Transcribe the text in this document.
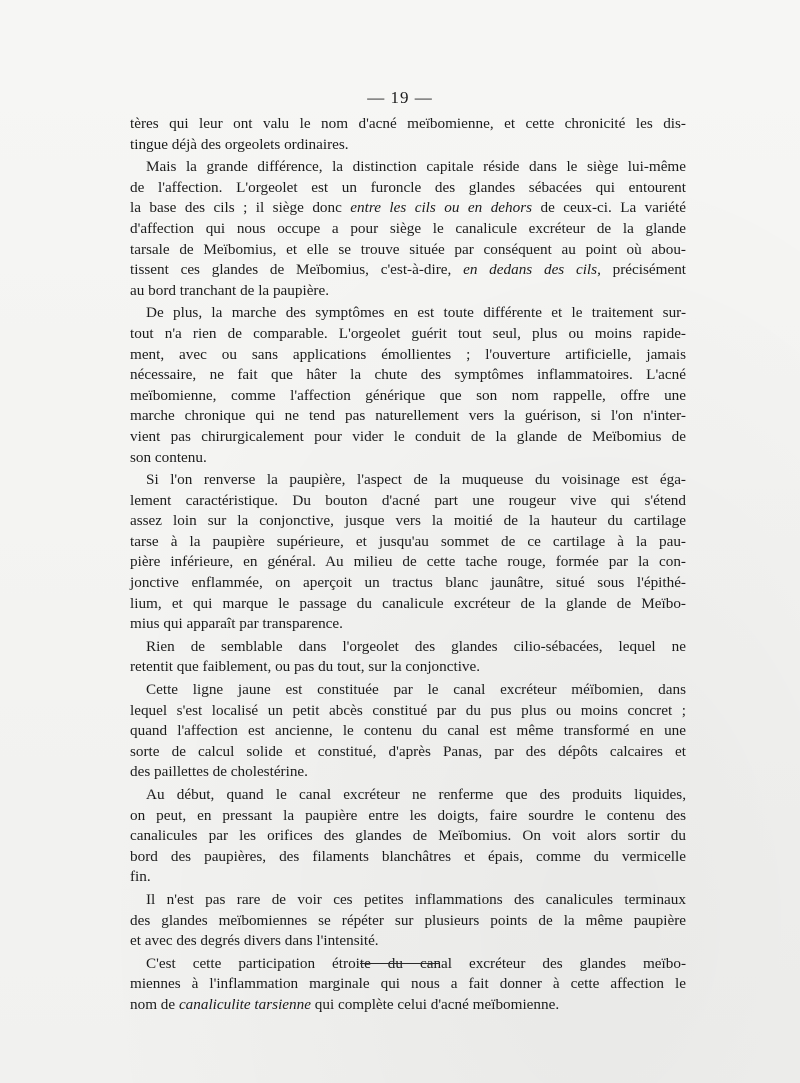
— 19 —
tères qui leur ont valu le nom d'acné meïbomienne, et cette chronicité les dis-
tingue déjà des orgeolets ordinaires.
Mais la grande différence, la distinction capitale réside dans le siège lui-même
de l'affection. L'orgeolet est un furoncle des glandes sébacées qui entourent
la base des cils ; il siège donc entre les cils ou en dehors de ceux-ci. La variété
d'affection qui nous occupe a pour siège le canalicule excréteur de la glande
tarsale de Meïbomius, et elle se trouve située par conséquent au point où abou-
tissent ces glandes de Meïbomius, c'est-à-dire, en dedans des cils, précisément
au bord tranchant de la paupière.
De plus, la marche des symptômes en est toute différente et le traitement sur-
tout n'a rien de comparable. L'orgeolet guérit tout seul, plus ou moins rapide-
ment, avec ou sans applications émollientes ; l'ouverture artificielle, jamais
nécessaire, ne fait que hâter la chute des symptômes inflammatoires. L'acné
meïbomienne, comme l'affection générique que son nom rappelle, offre une
marche chronique qui ne tend pas naturellement vers la guérison, si l'on n'inter-
vient pas chirurgicalement pour vider le conduit de la glande de Meïbomius de
son contenu.
Si l'on renverse la paupière, l'aspect de la muqueuse du voisinage est éga-
lement caractéristique. Du bouton d'acné part une rougeur vive qui s'étend
assez loin sur la conjonctive, jusque vers la moitié de la hauteur du cartilage
tarse à la paupière supérieure, et jusqu'au sommet de ce cartilage à la pau-
pière inférieure, en général. Au milieu de cette tache rouge, formée par la con-
jonctive enflammée, on aperçoit un tractus blanc jaunâtre, situé sous l'épithé-
lium, et qui marque le passage du canalicule excréteur de la glande de Meïbo-
mius qui apparaît par transparence.
Rien de semblable dans l'orgeolet des glandes cilio-sébacées, lequel ne
retentit que faiblement, ou pas du tout, sur la conjonctive.
Cette ligne jaune est constituée par le canal excréteur méïbomien, dans
lequel s'est localisé un petit abcès constitué par du pus plus ou moins concret ;
quand l'affection est ancienne, le contenu du canal est même transformé en une
sorte de calcul solide et constitué, d'après Panas, par des dépôts calcaires et
des paillettes de cholestérine.
Au début, quand le canal excréteur ne renferme que des produits liquides,
on peut, en pressant la paupière entre les doigts, faire sourdre le contenu des
canalicules par les orifices des glandes de Meïbomius. On voit alors sortir du
bord des paupières, des filaments blanchâtres et épais, comme du vermicelle
fin.
Il n'est pas rare de voir ces petites inflammations des canalicules terminaux
des glandes meïbomiennes se répéter sur plusieurs points de la même paupière
et avec des degrés divers dans l'intensité.
C'est cette participation étroite du canal excréteur des glandes meïbo-
miennes à l'inflammation marginale qui nous a fait donner à cette affection le
nom de canaliculite tarsienne qui complète celui d'acné meïbomienne.
